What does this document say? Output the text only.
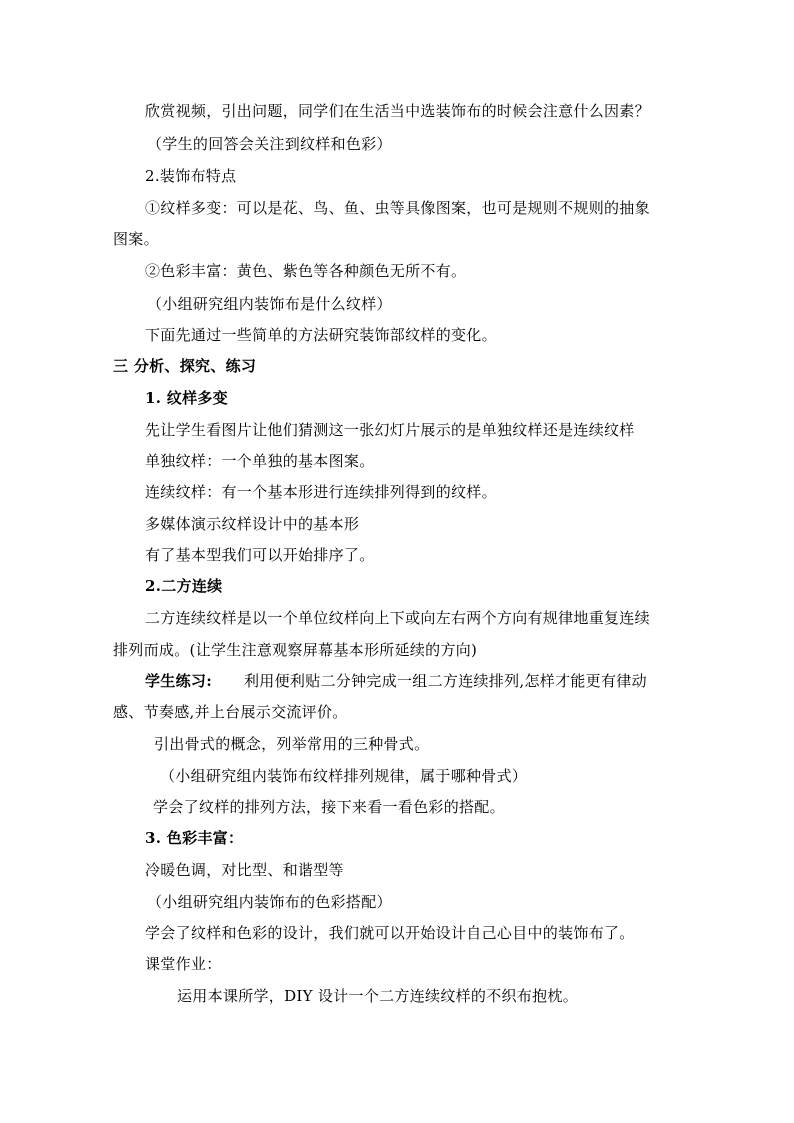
欣赏视频，引出问题，同学们在生活当中选装饰布的时候会注意什么因素？
（学生的回答会关注到纹样和色彩）
2.装饰布特点
①纹样多变：可以是花、鸟、鱼、虫等具像图案，也可是规则不规则的抽象
图案。
②色彩丰富：黄色、紫色等各种颜色无所不有。
（小组研究组内装饰布是什么纹样）
下面先通过一些简单的方法研究装饰部纹样的变化。
三 分析、探究、练习
1. 纹样多变
先让学生看图片让他们猜测这一张幻灯片展示的是单独纹样还是连续纹样
单独纹样：一个单独的基本图案。
连续纹样：有一个基本形进行连续排列得到的纹样。
多媒体演示纹样设计中的基本形
有了基本型我们可以开始排序了。
2.二方连续
二方连续纹样是以一个单位纹样向上下或向左右两个方向有规律地重复连续
排列而成。(让学生注意观察屏幕基本形所延续的方向)
学生练习: 利用便利贴二分钟完成一组二方连续排列,怎样才能更有律动
感、节奏感,并上台展示交流评价。
引出骨式的概念，列举常用的三种骨式。
（小组研究组内装饰布纹样排列规律，属于哪种骨式）
学会了纹样的排列方法，接下来看一看色彩的搭配。
3. 色彩丰富：
冷暖色调，对比型、和谐型等
（小组研究组内装饰布的色彩搭配）
学会了纹样和色彩的设计，我们就可以开始设计自己心目中的装饰布了。
课堂作业：
运用本课所学，DIY 设计一个二方连续纹样的不织布抱枕。
